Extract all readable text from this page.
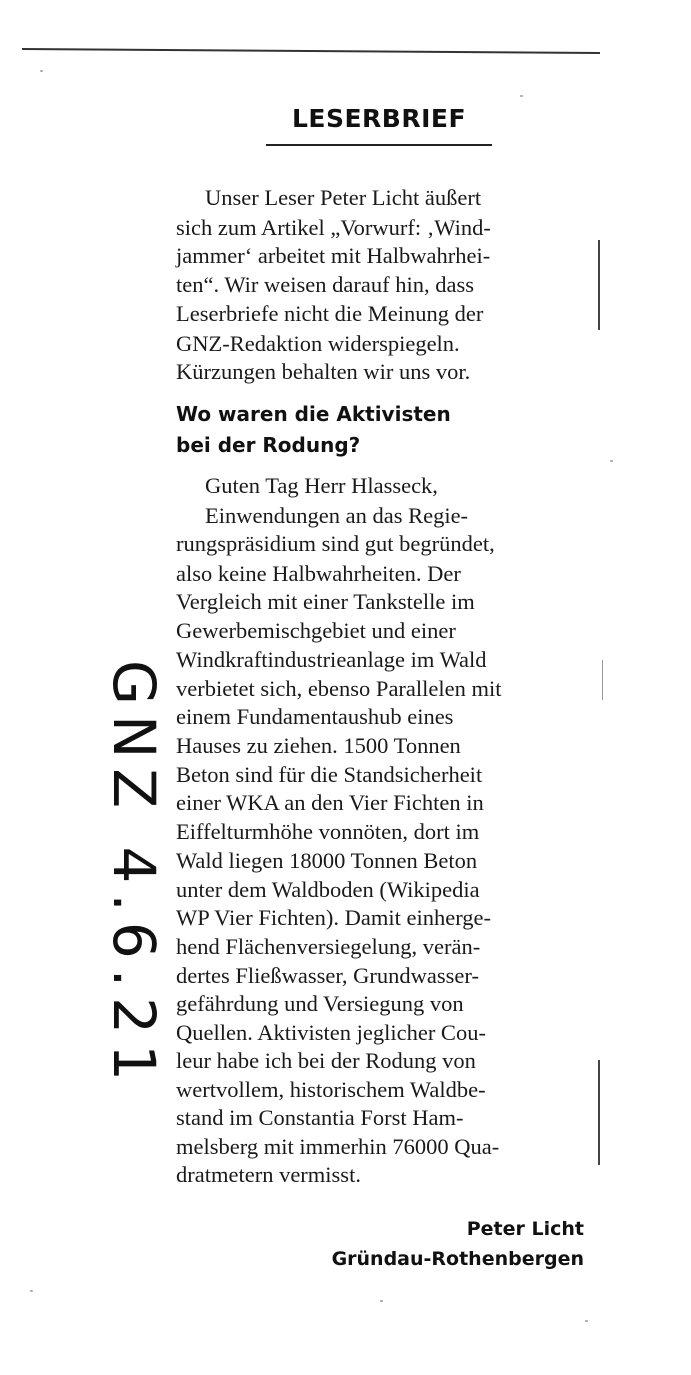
LESERBRIEF
Unser Leser Peter Licht äußert
sich zum Artikel „Vorwurf: ‚Wind-
jammer‘ arbeitet mit Halbwahrhei-
ten“. Wir weisen darauf hin, dass
Leserbriefe nicht die Meinung der
GNZ-Redaktion widerspiegeln.
Kürzungen behalten wir uns vor.
Wo waren die Aktivisten
bei der Rodung?
Guten Tag Herr Hlasseck,
Einwendungen an das Regie-
rungspräsidium sind gut begründet,
also keine Halbwahrheiten. Der
Vergleich mit einer Tankstelle im
Gewerbemischgebiet und einer
Windkraftindustrieanlage im Wald
verbietet sich, ebenso Parallelen mit
einem Fundamentaushub eines
Hauses zu ziehen. 1500 Tonnen
Beton sind für die Standsicherheit
einer WKA an den Vier Fichten in
Eiffelturmhöhe vonnöten, dort im
Wald liegen 18000 Tonnen Beton
unter dem Waldboden (Wikipedia
WP Vier Fichten). Damit einherge-
hend Flächenversiegelung, verän-
dertes Fließwasser, Grundwasser-
gefährdung und Versiegung von
Quellen. Aktivisten jeglicher Cou-
leur habe ich bei der Rodung von
wertvollem, historischem Waldbe-
stand im Constantia Forst Ham-
melsberg mit immerhin 76000 Qua-
dratmetern vermisst.
Peter Licht
Gründau-Rothenbergen
GNZ 4.6.21
